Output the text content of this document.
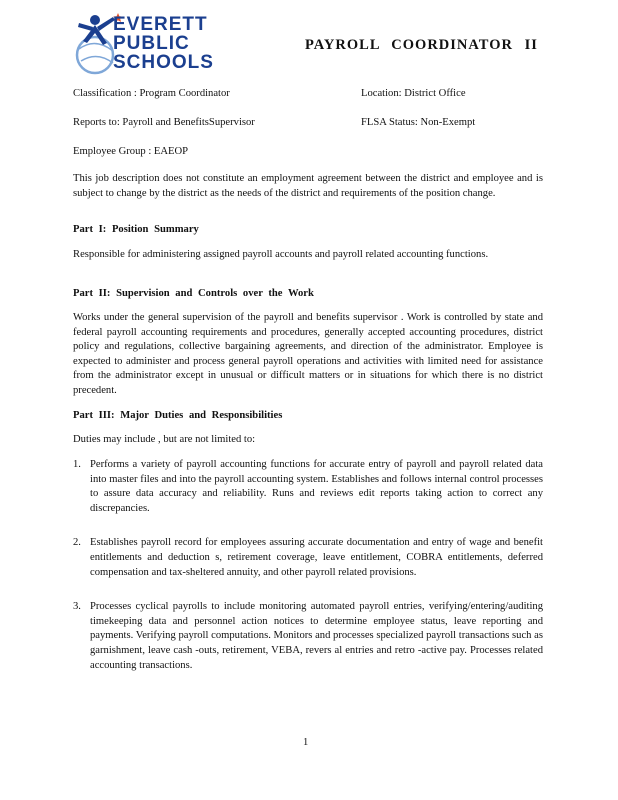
EVERETT
PUBLIC
SCHOOLS
PAYROLL COORDINATOR II
Classification : Program Coordinator	Location: District Office
Reports to: Payroll and BenefitsSupervisor	FLSA Status: Non-Exempt
Employee Group : EAEOP
This job description does not constitute an employment agreement between the district and employee and is subject to change by the district as the needs of the district and requirements of the position change.
Part I: Position Summary
Responsible for administering assigned payroll accounts and payroll related accounting functions.
Part II: Supervision and Controls over the Work
Works under the general supervision of the payroll and benefits supervisor . Work is controlled by state and federal payroll accounting requirements and procedures, generally accepted accounting procedures, district policy and regulations, collective bargaining agreements, and direction of the administrator. Employee is expected to administer and process general payroll operations and activities with limited need for assistance from the administrator except in unusual or difficult matters or in situations for which there is no district precedent.
Part III: Major Duties and Responsibilities
Duties may include , but are not limited to:
1. Performs a variety of payroll accounting functions for accurate entry of payroll and payroll related data into master files and into the payroll accounting system. Establishes and follows internal control processes to assure data accuracy and reliability. Runs and reviews edit reports taking action to correct any discrepancies.
2. Establishes payroll record for employees assuring accurate documentation and entry of wage and benefit entitlements and deduction s, retirement coverage, leave entitlement, COBRA entitlements, deferred compensation and tax-sheltered annuity, and other payroll related provisions.
3. Processes cyclical payrolls to include monitoring automated payroll entries, verifying/entering/auditing timekeeping data and personnel action notices to determine employee status, leave reporting and payments. Verifying payroll computations. Monitors and processes specialized payroll transactions such as garnishment, leave cash -outs, retirement, VEBA, revers al entries and retro -active pay. Processes related accounting transactions.
1
